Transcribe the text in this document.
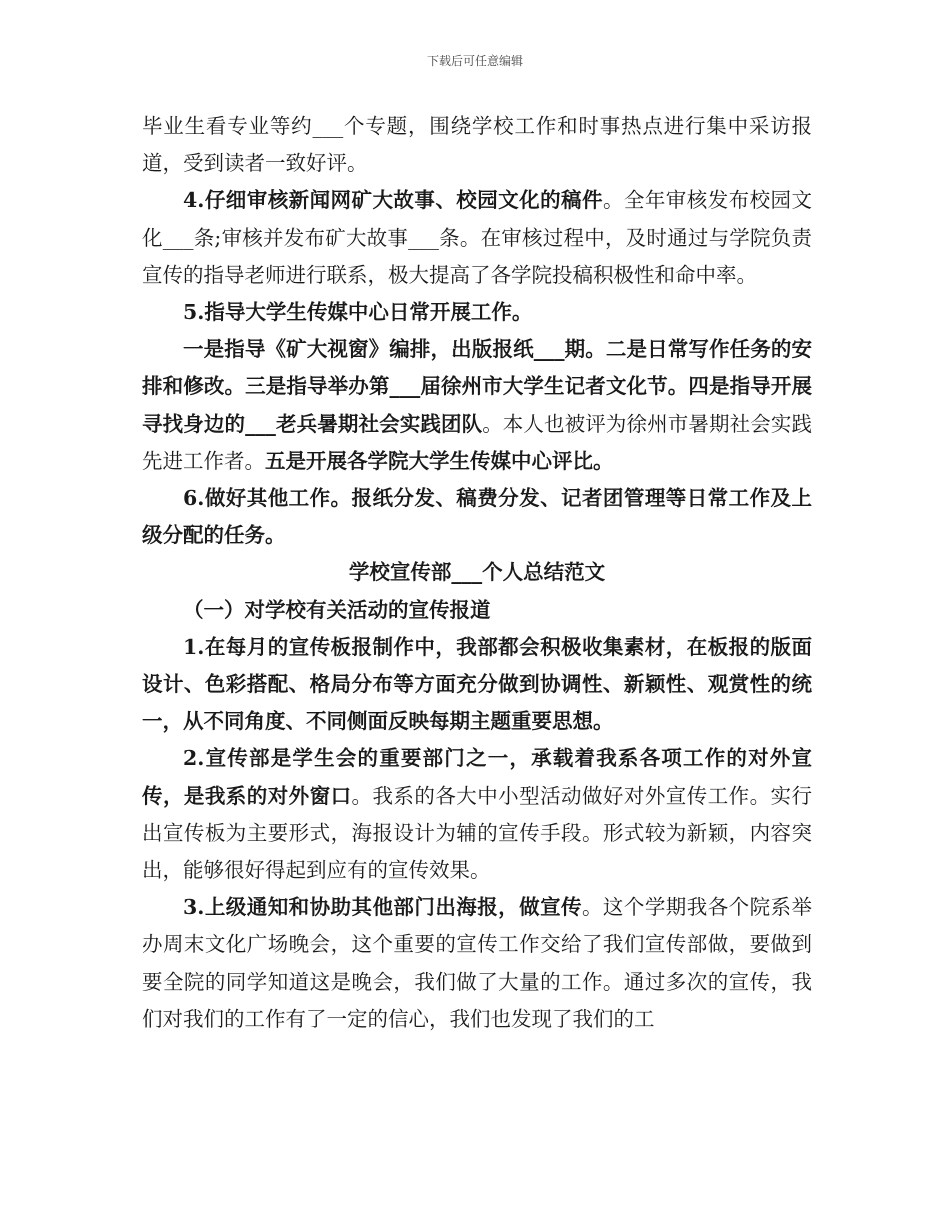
下载后可任意编辑

毕业生看专业等约___个专题，围绕学校工作和时事热点进行集中采访报道，受到读者一致好评。

4.仔细审核新闻网矿大故事、校园文化的稿件。全年审核发布校园文化___条;审核并发布矿大故事___条。在审核过程中，及时通过与学院负责宣传的指导老师进行联系，极大提高了各学院投稿积极性和命中率。

5.指导大学生传媒中心日常开展工作。

一是指导《矿大视窗》编排，出版报纸___期。二是日常写作任务的安排和修改。三是指导举办第___届徐州市大学生记者文化节。四是指导开展寻找身边的___老兵暑期社会实践团队。本人也被评为徐州市暑期社会实践先进工作者。五是开展各学院大学生传媒中心评比。

6.做好其他工作。报纸分发、稿费分发、记者团管理等日常工作及上级分配的任务。

学校宣传部___个人总结范文

（一）对学校有关活动的宣传报道

1.在每月的宣传板报制作中，我部都会积极收集素材，在板报的版面设计、色彩搭配、格局分布等方面充分做到协调性、新颖性、观赏性的统一，从不同角度、不同侧面反映每期主题重要思想。

2.宣传部是学生会的重要部门之一，承载着我系各项工作的对外宣传，是我系的对外窗口。我系的各大中小型活动做好对外宣传工作。实行出宣传板为主要形式，海报设计为辅的宣传手段。形式较为新颖，内容突出，能够很好得起到应有的宣传效果。

3.上级通知和协助其他部门出海报，做宣传。这个学期我各个院系举办周末文化广场晚会，这个重要的宣传工作交给了我们宣传部做，要做到要全院的同学知道这是晚会，我们做了大量的工作。通过多次的宣传，我们对我们的工作有了一定的信心，我们也发现了我们的工
